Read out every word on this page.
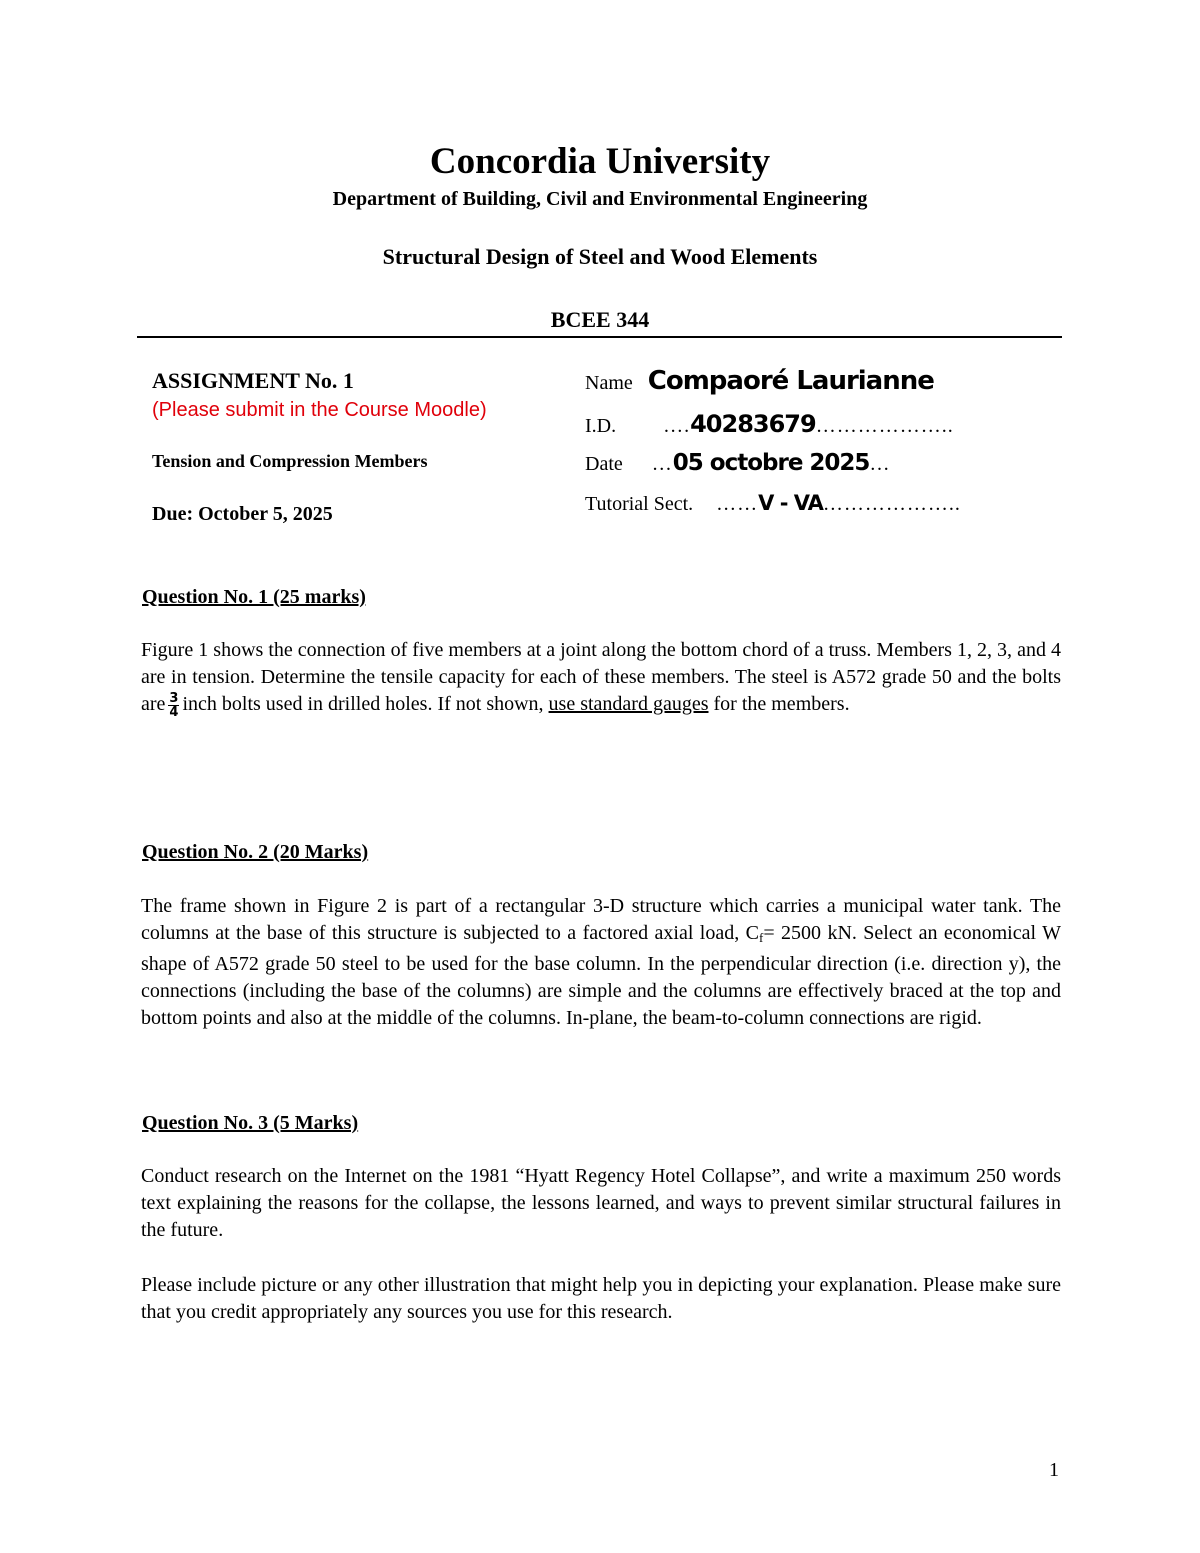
Concordia University
Department of Building, Civil and Environmental Engineering
Structural Design of Steel and Wood Elements
BCEE 344
ASSIGNMENT No. 1
(Please submit in the Course Moodle)
Tension and Compression Members
Due: October 5, 2025
Name Compaoré Laurianne
I.D. ….40283679………………..
Date …05 octobre 2025…
Tutorial Sect. ……V - VA………………..
Question No. 1 (25 marks)
Figure 1 shows the connection of five members at a joint along the bottom chord of a truss. Members 1, 2, 3, and 4 are in tension. Determine the tensile capacity for each of these members. The steel is A572 grade 50 and the bolts are $\frac{3}{4}$ inch bolts used in drilled holes. If not shown, use standard gauges for the members.
Question No. 2 (20 Marks)
The frame shown in Figure 2 is part of a rectangular 3-D structure which carries a municipal water tank. The columns at the base of this structure is subjected to a factored axial load, $C_f= 2500$ kN. Select an economical W shape of A572 grade 50 steel to be used for the base column. In the perpendicular direction (i.e. direction y), the connections (including the base of the columns) are simple and the columns are effectively braced at the top and bottom points and also at the middle of the columns. In-plane, the beam-to-column connections are rigid.
Question No. 3 (5 Marks)
Conduct research on the Internet on the 1981 “Hyatt Regency Hotel Collapse”, and write a maximum 250 words text explaining the reasons for the collapse, the lessons learned, and ways to prevent similar structural failures in the future.
Please include picture or any other illustration that might help you in depicting your explanation. Please make sure that you credit appropriately any sources you use for this research.
1
